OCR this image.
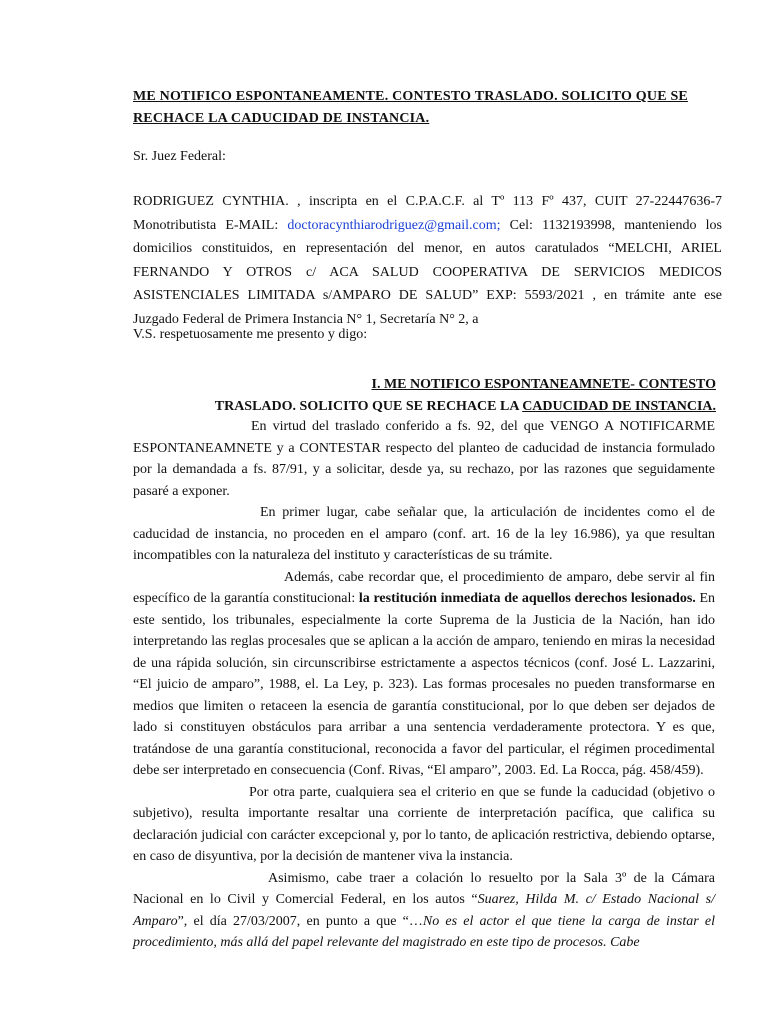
ME NOTIFICO ESPONTANEAMENTE. CONTESTO TRASLADO. SOLICITO QUE SE RECHACE LA CADUCIDAD DE INSTANCIA.
Sr. Juez Federal:
RODRIGUEZ CYNTHIA. , inscripta en el C.P.A.C.F. al Tº 113 Fº 437, CUIT 27-22447636-7 Monotributista E-MAIL: doctoracynthiarodriguez@gmail.com; Cel: 1132193998, manteniendo los domicilios constituidos, en representación del menor, en autos caratulados “MELCHI, ARIEL FERNANDO Y OTROS c/ ACA SALUD COOPERATIVA DE SERVICIOS MEDICOS ASISTENCIALES LIMITADA s/AMPARO DE SALUD” EXP: 5593/2021 , en trámite ante ese Juzgado Federal de Primera Instancia N° 1, Secretaría N° 2, a
V.S. respetuosamente me presento y digo:
I. ME NOTIFICO ESPONTANEAMNETE- CONTESTO
TRASLADO. SOLICITO QUE SE RECHACE LA CADUCIDAD DE INSTANCIA.

En virtud del traslado conferido a fs. 92, del que VENGO A NOTIFICARME ESPONTANEAMNETE y a CONTESTAR respecto del planteo de caducidad de instancia formulado por la demandada a fs. 87/91, y a solicitar, desde ya, su rechazo, por las razones que seguidamente pasaré a exponer.

En primer lugar, cabe señalar que, la articulación de incidentes como el de caducidad de instancia, no proceden en el amparo (conf. art. 16 de la ley 16.986), ya que resultan incompatibles con la naturaleza del instituto y características de su trámite.

Además, cabe recordar que, el procedimiento de amparo, debe servir al fin específico de la garantía constitucional: la restitución inmediata de aquellos derechos lesionados. En este sentido, los tribunales, especialmente la corte Suprema de la Justicia de la Nación, han ido interpretando las reglas procesales que se aplican a la acción de amparo, teniendo en miras la necesidad de una rápida solución, sin circunscribirse estrictamente a aspectos técnicos (conf. José L. Lazzarini, “El juicio de amparo”, 1988, el. La Ley, p. 323). Las formas procesales no pueden transformarse en medios que limiten o retaceen la esencia de garantía constitucional, por lo que deben ser dejados de lado si constituyen obstáculos para arribar a una sentencia verdaderamente protectora. Y es que, tratándose de una garantía constitucional, reconocida a favor del particular, el régimen procedimental debe ser interpretado en consecuencia (Conf. Rivas, “El amparo”, 2003. Ed. La Rocca, pág. 458/459).

Por otra parte, cualquiera sea el criterio en que se funde la caducidad (objetivo o subjetivo), resulta importante resaltar una corriente de interpretación pacífica, que califica su declaración judicial con carácter excepcional y, por lo tanto, de aplicación restrictiva, debiendo optarse, en caso de disyuntiva, por la decisión de mantener viva la instancia.

Asimismo, cabe traer a colación lo resuelto por la Sala 3º de la Cámara Nacional en lo Civil y Comercial Federal, en los autos “Suarez, Hilda M. c/ Estado Nacional s/ Amparo”, el día 27/03/2007, en punto a que “…No es el actor el que tiene la carga de instar el procedimiento, más allá del papel relevante del magistrado en este tipo de procesos. Cabe
